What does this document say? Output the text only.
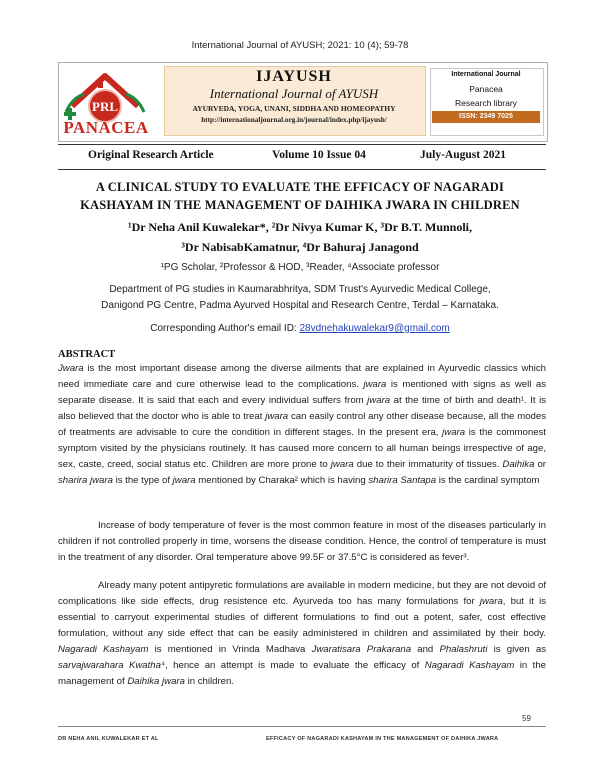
International Journal of AYUSH; 2021: 10 (4); 59-78
PRL
PANACEA
IJAYUSH
International Journal of AYUSH
AYURVEDA, YOGA, UNANI, SIDDHA AND HOMEOPATHY
http://internationaljournal.org.in/journal/index.php/ijayush/
International Journal
Panacea
Research library
ISSN: 2349 7025
Original Research Article	Volume 10 Issue 04	July-August 2021
A CLINICAL STUDY TO EVALUATE THE EFFICACY OF NAGARADI
KASHAYAM IN THE MANAGEMENT OF DAIHIKA JWARA IN CHILDREN
¹Dr Neha Anil Kuwalekar*, ²Dr Nivya Kumar K, ³Dr B.T. Munnoli,
³Dr NabisabKamatnur, ⁴Dr Bahuraj Janagond
¹PG Scholar, ²Professor & HOD, ³Reader, ⁴Associate professor
Department of PG studies in Kaumarabhritya, SDM Trust's Ayurvedic Medical College,
Danigond PG Centre, Padma Ayurved Hospital and Research Centre, Terdal – Karnataka.
Corresponding Author's email ID: 28vdnehakuwalekar9@gmail.com
ABSTRACT
Jwara is the most important disease among the diverse ailments that are explained in Ayurvedic classics which need immediate care and cure otherwise lead to the complications. jwara is mentioned with signs as well as separate disease. It is said that each and every individual suffers from jwara at the time of birth and death¹. It is also believed that the doctor who is able to treat jwara can easily control any other disease because, all the modes of treatments are advisable to cure the condition in different stages. In the present era, jwara is the commonest symptom visited by the physicians routinely. It has caused more concern to all human beings irrespective of age, sex, caste, creed, social status etc. Children are more prone to jwara due to their immaturity of tissues. Daihika or sharira jwara is the type of jwara mentioned by Charaka² which is having sharira Santapa is the cardinal symptom
Increase of body temperature of fever is the most common feature in most of the diseases particularly in children if not controlled properly in time, worsens the disease condition. Hence, the control of temperature is must in the treatment of any disorder. Oral temperature above 99.5F or 37.5°C is considered as fever³.
Already many potent antipyretic formulations are available in modern medicine, but they are not devoid of complications like side effects, drug resistence etc. Ayurveda too has many formulations for jwara, but it is essential to carryout experimental studies of different formulations to find out a potent, safer, cost effective formulation, without any side effect that can be easily administered in children and assimilated by their body. Nagaradi Kashayam is mentioned in Vrinda Madhava Jwaratisara Prakarana and Phalashruti is given as sarvajwarahara Kwatha⁴, hence an attempt is made to evaluate the efficacy of Nagaradi Kashayam in the management of Daihika jwara in children.
59
DR NEHA ANIL KUWALEKAR ET AL	EFFICACY OF NAGARADI KASHAYAM IN THE MANAGEMENT OF DAIHIKA JWARA
